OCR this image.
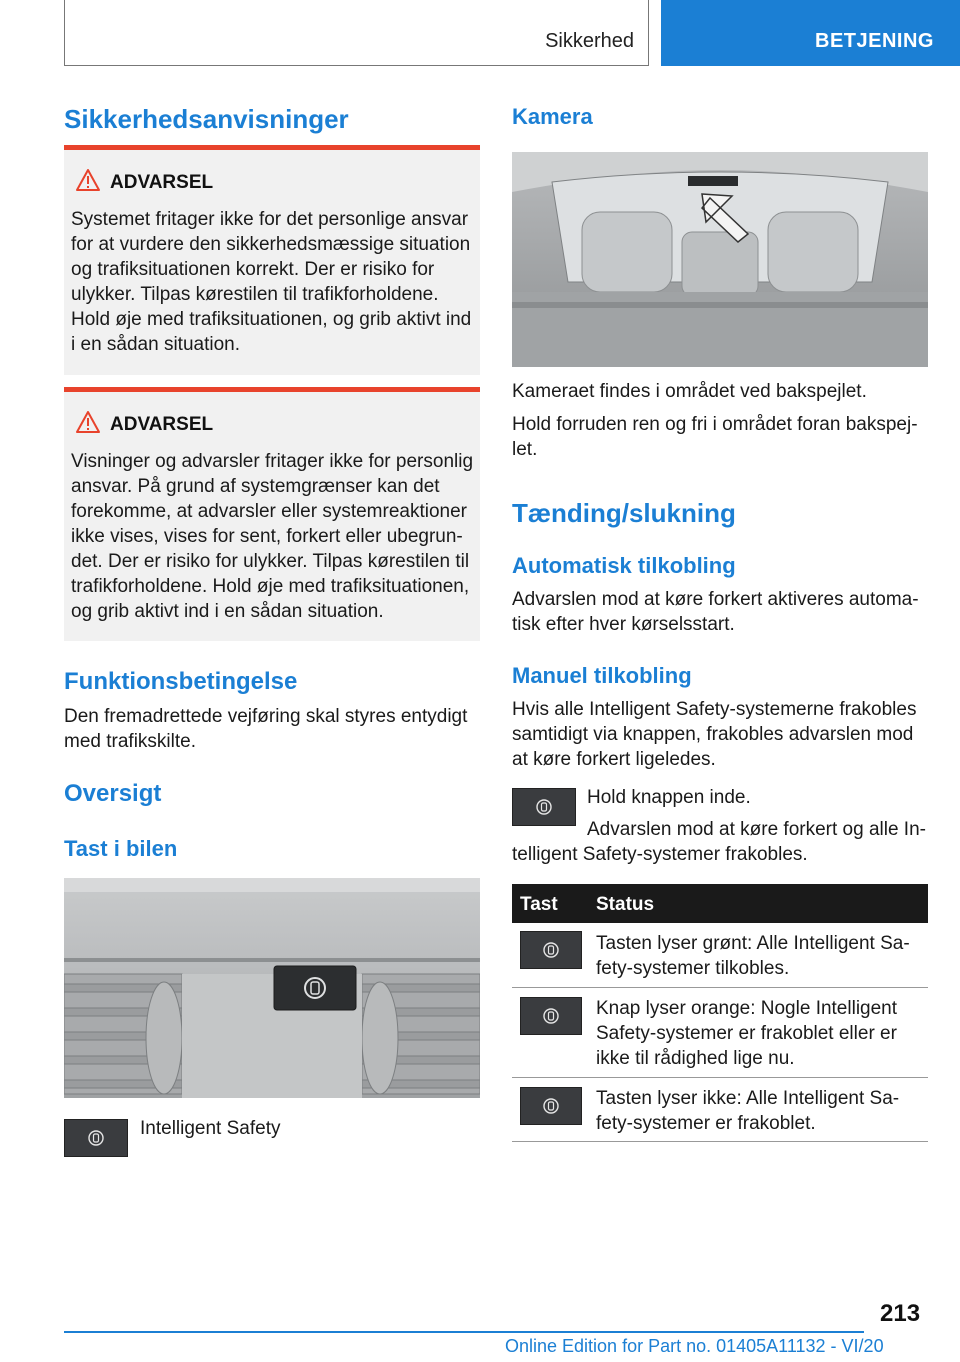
Sikkerhed	BETJENING
Sikkerhedsanvisninger
ADVARSEL
Systemet fritager ikke for det personlige ansvar for at vurdere den sikkerhedsmæssige situation og trafiksituationen korrekt. Der er risiko for ulykker. Tilpas kørestilen til trafikforholdene. Hold øje med trafiksituationen, og grib aktivt ind i en sådan situation.
ADVARSEL
Visninger og advarsler fritager ikke for personlig ansvar. På grund af systemgrænser kan det forekomme, at advarsler eller systemreaktioner ikke vises, vises for sent, forkert eller ubegrun-det. Der er risiko for ulykker. Tilpas kørestilen til trafikforholdene. Hold øje med trafiksituationen, og grib aktivt ind i en sådan situation.
Funktionsbetingelse
Den fremadrettede vejføring skal styres entydigt med trafikskilte.
Oversigt
Tast i bilen
Intelligent Safety
Kamera
Kameraet findes i området ved bakspejlet.
Hold forruden ren og fri i området foran bakspej-let.
Tænding/slukning
Automatisk tilkobling
Advarslen mod at køre forkert aktiveres automa-tisk efter hver kørselsstart.
Manuel tilkobling
Hvis alle Intelligent Safety-systemerne frakobles samtidigt via knappen, frakobles advarslen mod at køre forkert ligeledes.
Hold knappen inde.
Advarslen mod at køre forkert og alle In-telligent Safety-systemer frakobles.
Tast Status
Tasten lyser grønt: Alle Intelligent Sa-fety-systemer tilkobles.
Knap lyser orange: Nogle Intelligent Safety-systemer er frakoblet eller er ikke til rådighed lige nu.
Tasten lyser ikke: Alle Intelligent Sa-fety-systemer er frakoblet.
213
Online Edition for Part no. 01405A11132 - VI/20
